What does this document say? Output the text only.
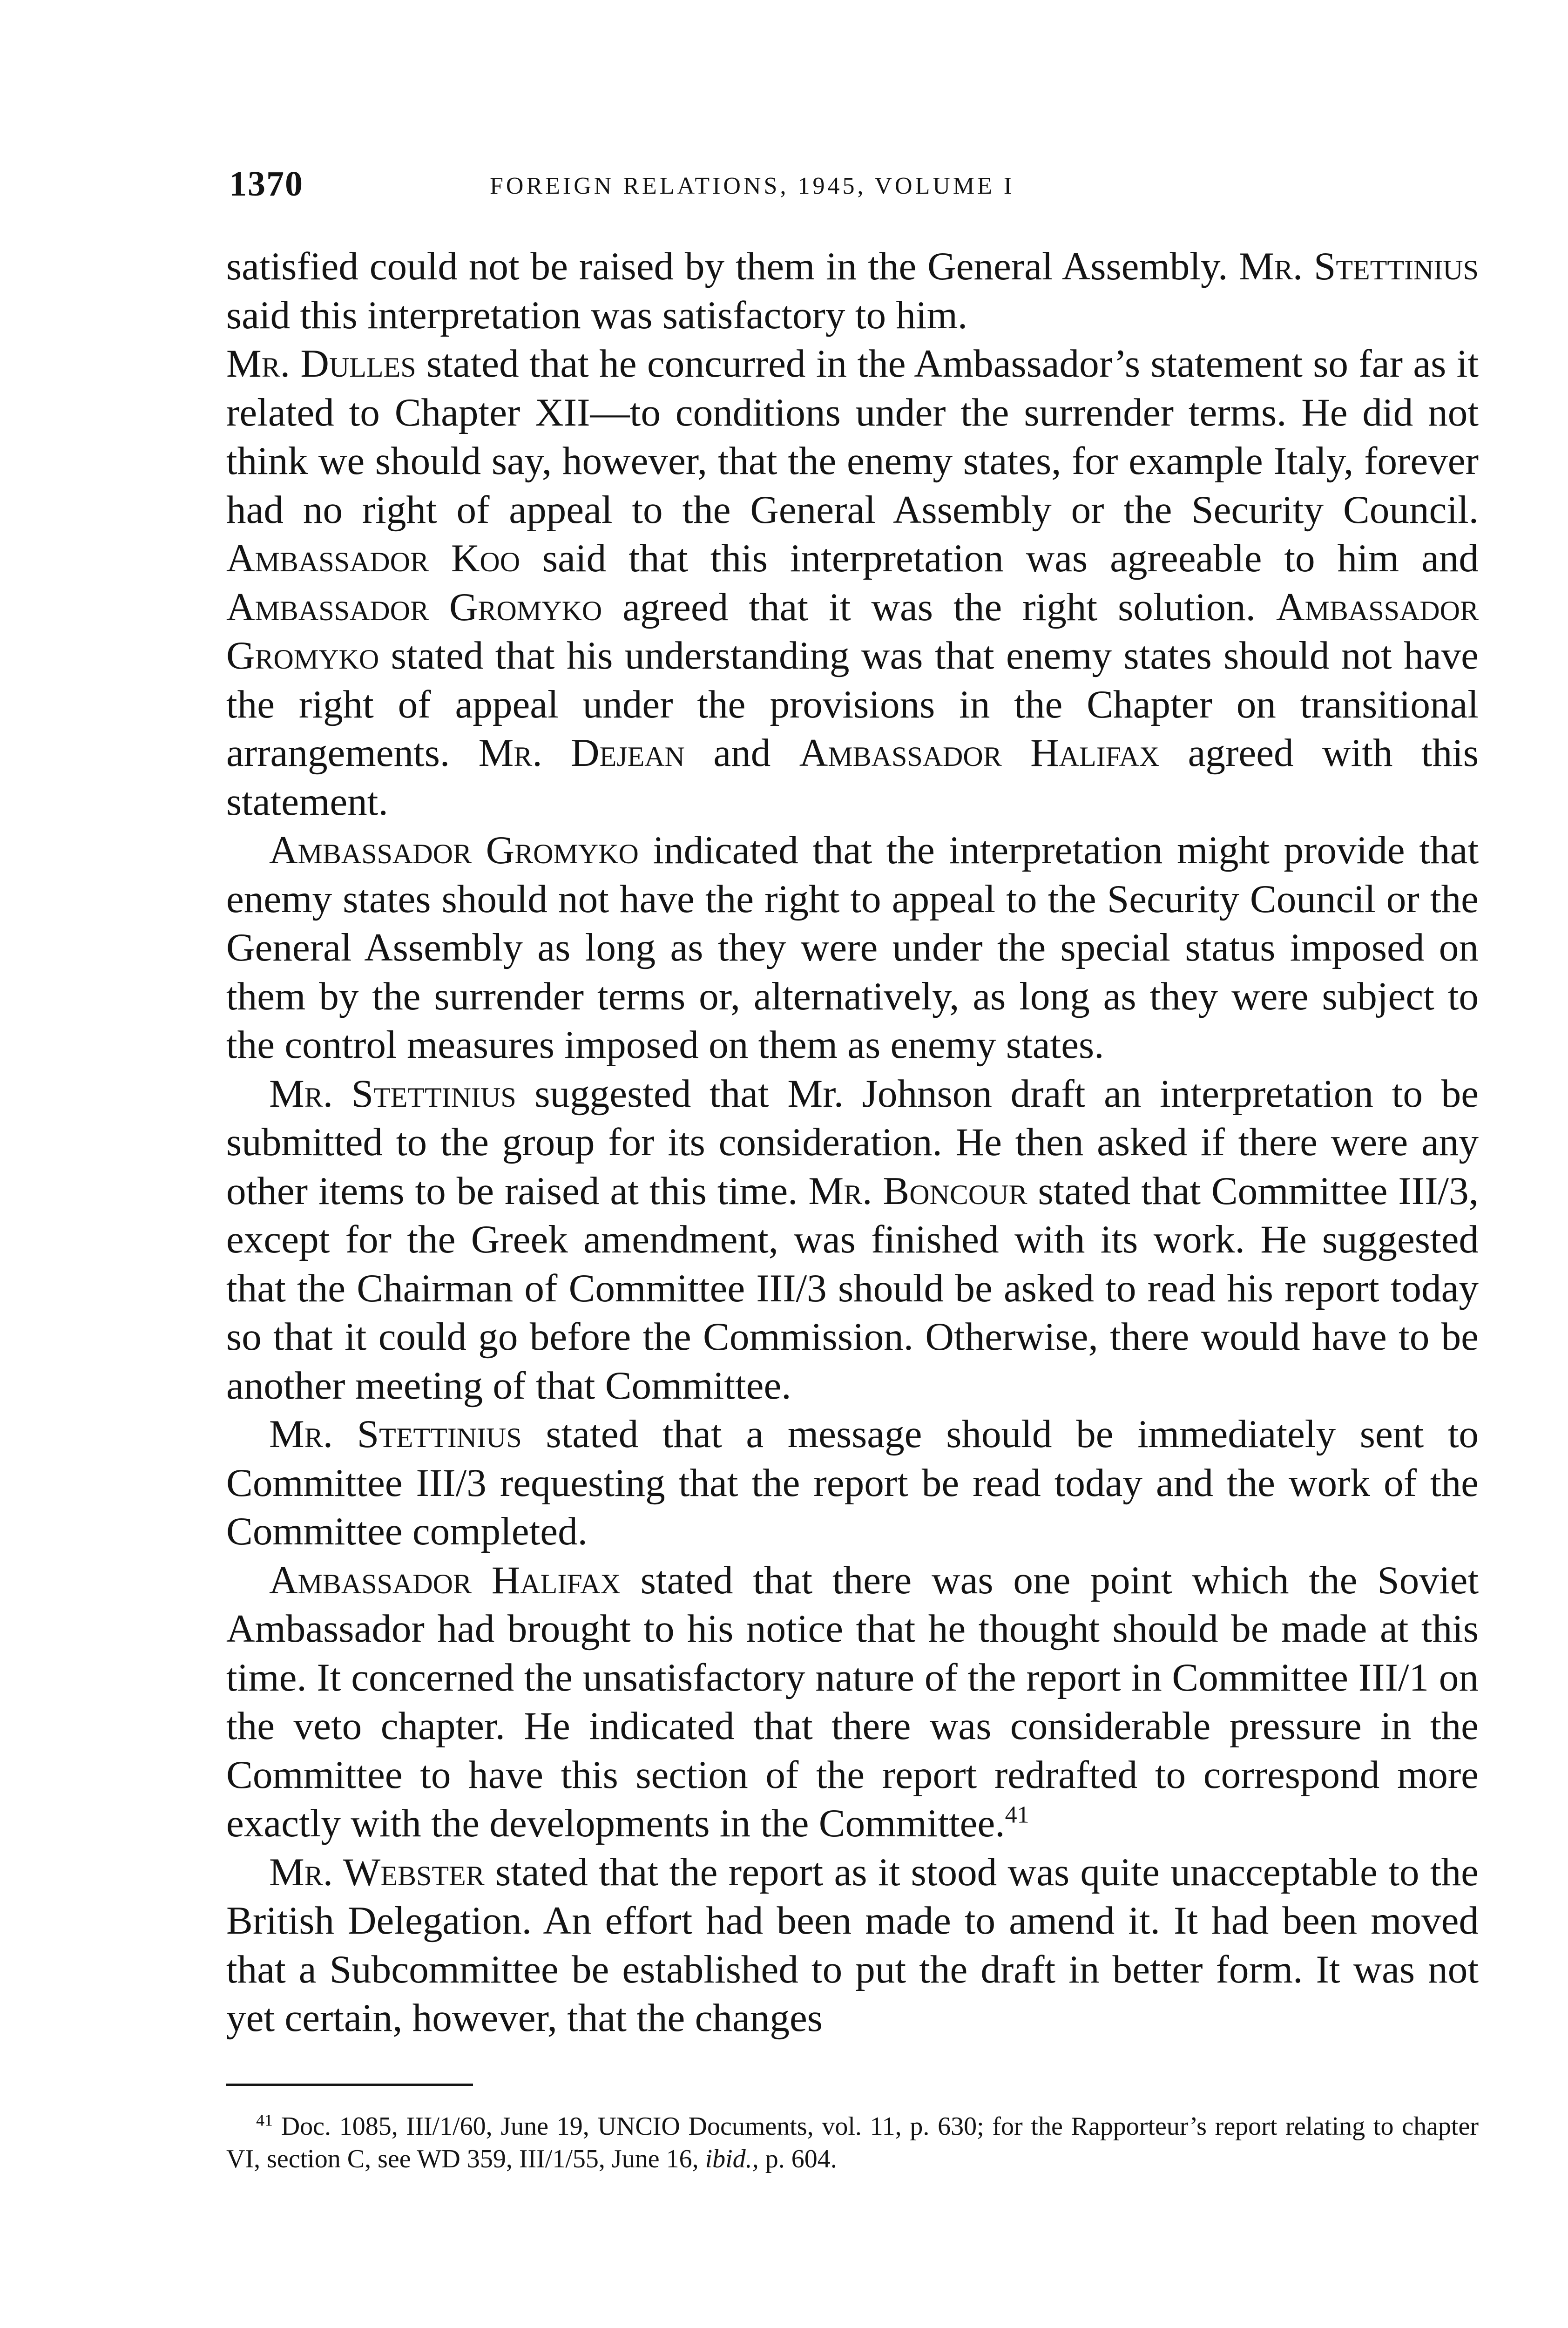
1370	FOREIGN RELATIONS, 1945, VOLUME I

satisfied could not be raised by them in the General Assembly. Mr. Stettinius said this interpretation was satisfactory to him.

Mr. Dulles stated that he concurred in the Ambassador’s statement so far as it related to Chapter XII—to conditions under the surrender terms. He did not think we should say, however, that the enemy states, for example Italy, forever had no right of appeal to the General Assembly or the Security Council. Ambassador Koo said that this interpretation was agreeable to him and Ambassador Gromyko agreed that it was the right solution. Ambassador Gromyko stated that his understanding was that enemy states should not have the right of appeal under the provisions in the Chapter on transitional arrangements. Mr. Dejean and Ambassador Halifax agreed with this statement.

Ambassador Gromyko indicated that the interpretation might provide that enemy states should not have the right to appeal to the Security Council or the General Assembly as long as they were under the special status imposed on them by the surrender terms or, alternatively, as long as they were subject to the control measures imposed on them as enemy states.

Mr. Stettinius suggested that Mr. Johnson draft an interpretation to be submitted to the group for its consideration. He then asked if there were any other items to be raised at this time. Mr. Boncour stated that Committee III/3, except for the Greek amendment, was finished with its work. He suggested that the Chairman of Committee III/3 should be asked to read his report today so that it could go before the Commission. Otherwise, there would have to be another meeting of that Committee.

Mr. Stettinius stated that a message should be immediately sent to Committee III/3 requesting that the report be read today and the work of the Committee completed.

Ambassador Halifax stated that there was one point which the Soviet Ambassador had brought to his notice that he thought should be made at this time. It concerned the unsatisfactory nature of the report in Committee III/1 on the veto chapter. He indicated that there was considerable pressure in the Committee to have this section of the report redrafted to correspond more exactly with the developments in the Committee.$^{41}$

Mr. Webster stated that the report as it stood was quite unacceptable to the British Delegation. An effort had been made to amend it. It had been moved that a Subcommittee be established to put the draft in better form. It was not yet certain, however, that the changes

$^{41}$ Doc. 1085, III/1/60, June 19, UNCIO Documents, vol. 11, p. 630; for the Rapporteur’s report relating to chapter VI, section C, see WD 359, III/1/55, June 16, ibid., p. 604.
